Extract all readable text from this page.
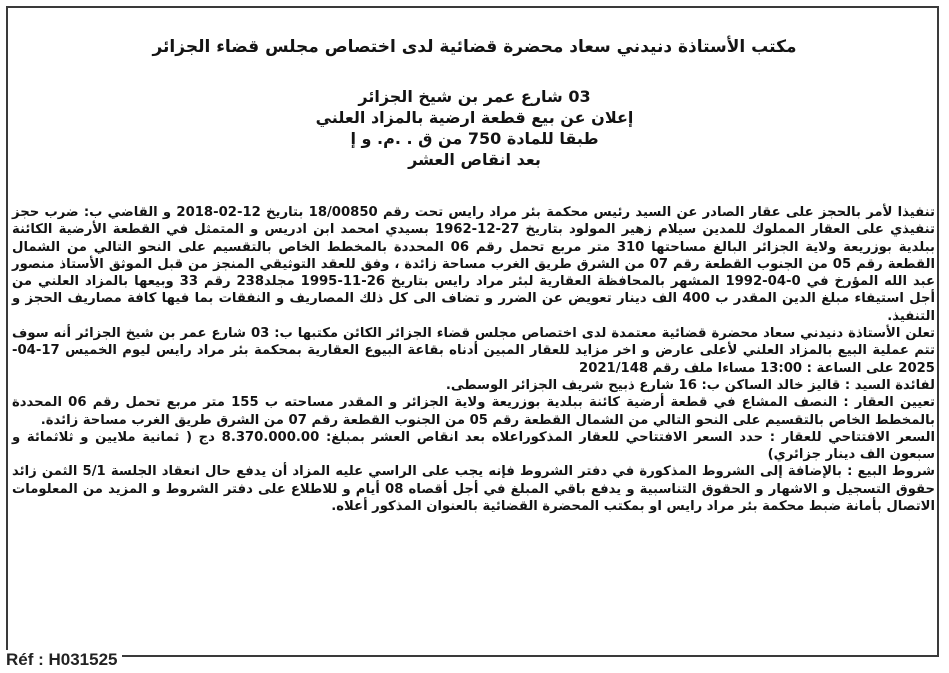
مكتب الأستاذة دنيدني سعاد محضرة قضائية لدى اختصاص مجلس قضاء الجزائر
03 شارع عمر بن شيخ الجزائر
إعلان عن بيع قطعة ارضية بالمزاد العلني
طبقا للمادة 750 من ق . .م. و إ
بعد انقاص العشر

تنفيذا لأمر بالحجز على عقار الصادر عن السيد رئيس محكمة بئر مراد رايس تحت رقم 18/00850 بتاريخ 12-02-2018 و القاضي ب: ضرب حجز تنفيذي على العقار المملوك للمدين سيلام زهير المولود بتاريخ 27-12-1962 بسيدي امحمد ابن ادريس و المتمثل في القطعة الأرضية الكائنة ببلدية بوزريعة ولاية الجزائر البالغ مساحتها 310 متر مربع تحمل رقم 06 المحددة بالمخطط الخاص بالتقسيم على النحو التالي من الشمال القطعة رقم 05 من الجنوب القطعة رقم 07 من الشرق طريق الغرب مساحة زائدة ، وفق للعقد التوثيقي المنجز من قبل الموثق الأستاذ منصور عبد الله المؤرخ في 0-04-1992 المشهر بالمحافظة العقارية لبئر مراد رايس بتاريخ 26-11-1995 مجلد238 رقم 33 وبيعها بالمزاد العلني من أجل استيفاء مبلغ الدين المقدر ب 400 الف دينار تعويض عن الضرر و تضاف الى كل ذلك المصاريف و النفقات بما فيها كافة مصاريف الحجز و التنفيذ.

تعلن الأستاذة دنيدني سعاد محضرة قضائية معتمدة لدى اختصاص مجلس قضاء الجزائر الكائن مكتبها ب: 03 شارع عمر بن شيخ الجزائر أنه سوف تتم عملية البيع بالمزاد العلني لأعلى عارض و اخر مزايد للعقار المبين أدناه بقاعة البيوع العقارية بمحكمة بئر مراد رايس ليوم الخميس 17-04-2025 على الساعة : 13:00 مساءا ملف رقم 2021/148

لفائدة السيد : قاليز خالد الساكن ب: 16 شارع ذبيح شريف الجزائر الوسطى.

تعيين العقار : النصف المشاع في قطعة أرضية كائنة ببلدية بوزريعة ولاية الجزائر و المقدر مساحته ب 155 متر مربع تحمل رقم 06 المحددة بالمخطط الخاص بالتقسيم على النحو التالي من الشمال القطعة رقم 05 من الجنوب القطعة رقم 07 من الشرق طريق الغرب مساحة زائدة.

السعر الافتتاحي للعقار : حدد السعر الافتتاحي للعقار المذكوراعلاه بعد انقاص العشر بمبلغ: 8.370.000.00 دج ( ثمانية ملايين و ثلاثمائة و سبعون الف دينار جزائري)

شروط البيع : بالإضافة إلى الشروط المذكورة في دفتر الشروط فإنه يجب على الراسي عليه المزاد أن يدفع حال انعقاد الجلسة 5/1 الثمن زائد حقوق التسجيل و الاشهار و الحقوق التناسبية و يدفع باقي المبلغ في أجل أقصاه 08 أيام و للاطلاع على دفتر الشروط و المزيد من المعلومات الاتصال بأمانة ضبط محكمة بئر مراد رايس او بمكتب المحضرة القضائية بالعنوان المذكور أعلاه.

Réf : H031525
